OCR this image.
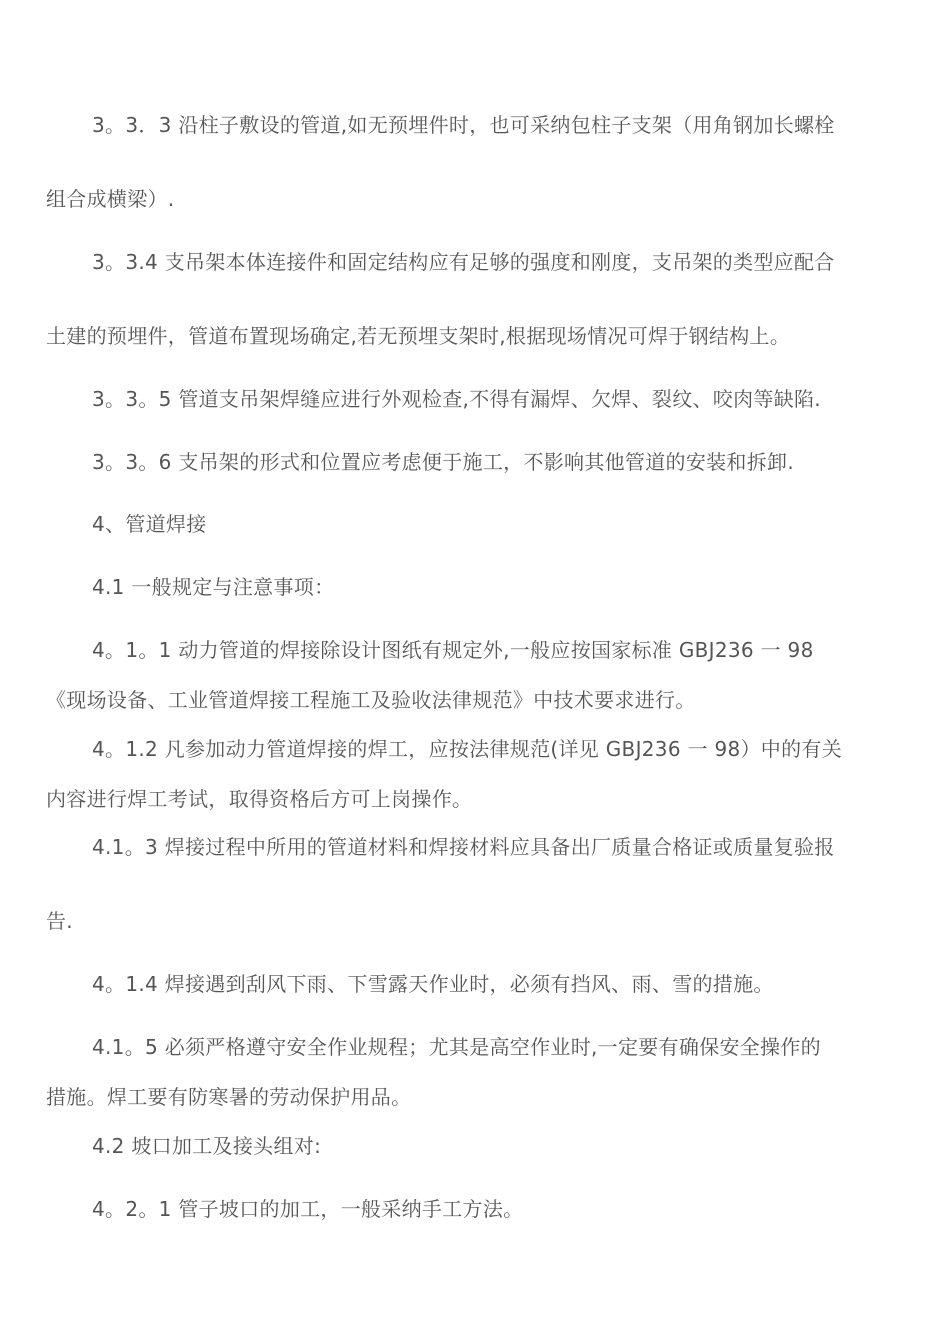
3。3．3 沿柱子敷设的管道,如无预埋件时，也可采纳包柱子支架（用角钢加长螺栓
组合成横梁）.
3。3.4 支吊架本体连接件和固定结构应有足够的强度和刚度，支吊架的类型应配合
土建的预埋件，管道布置现场确定,若无预埋支架时,根据现场情况可焊于钢结构上。
3。3。5 管道支吊架焊缝应进行外观检查,不得有漏焊、欠焊、裂纹、咬肉等缺陷.
3。3。6 支吊架的形式和位置应考虑便于施工，不影响其他管道的安装和拆卸.
4、管道焊接
4.1 一般规定与注意事项：
4。1。1 动力管道的焊接除设计图纸有规定外,一般应按国家标准 GBJ236 一 98
《现场设备、工业管道焊接工程施工及验收法律规范》中技术要求进行。
4。1.2 凡参加动力管道焊接的焊工，应按法律规范(详见 GBJ236 一 98）中的有关
内容进行焊工考试，取得资格后方可上岗操作。
4.1。3 焊接过程中所用的管道材料和焊接材料应具备出厂质量合格证或质量复验报
告.
4。1.4 焊接遇到刮风下雨、下雪露天作业时，必须有挡风、雨、雪的措施。
4.1。5 必须严格遵守安全作业规程；尤其是高空作业时,一定要有确保安全操作的
措施。焊工要有防寒暑的劳动保护用品。
4.2 坡口加工及接头组对:
4。2。1 管子坡口的加工，一般采纳手工方法。
